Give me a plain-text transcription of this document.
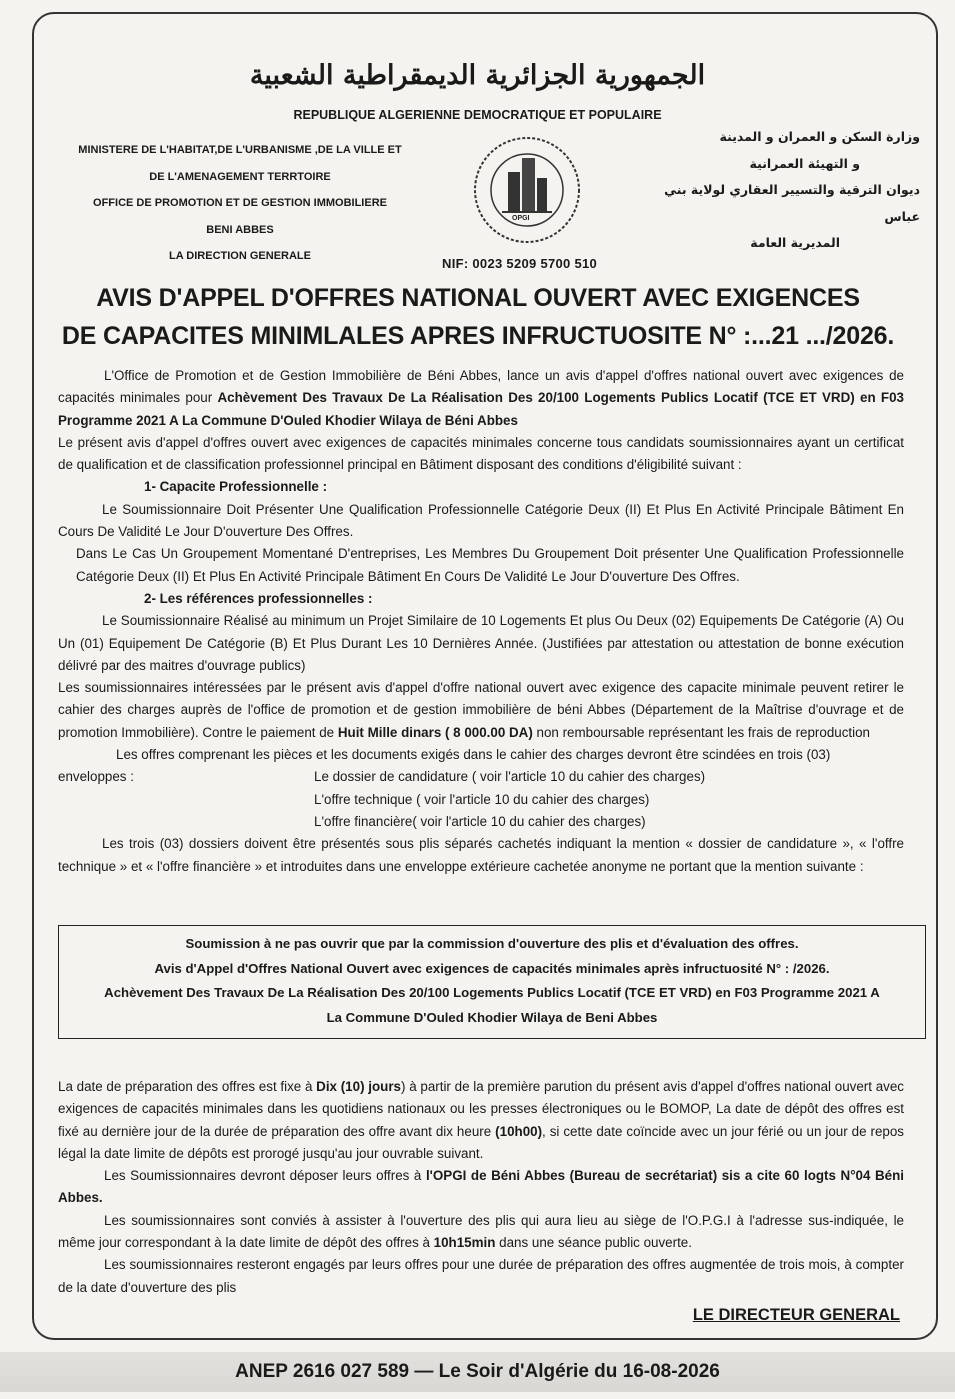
الجمهورية الجزائرية الديمقراطية الشعبية
REPUBLIQUE ALGERIENNE DEMOCRATIQUE ET POPULAIRE
MINISTERE DE L'HABITAT,DE L'URBANISME ,DE LA VILLE ET
DE L'AMENAGEMENT TERRTOIRE
OFFICE DE PROMOTION ET DE GESTION IMMOBILIERE
BENI ABBES
LA DIRECTION GENERALE
وزارة السكن و العمران و المدينة
و التهيئة العمرانية
ديوان الترقية والتسيير العقاري لولاية بني عباس
المديرية العامة
OPGI
NIF: 0023 5209 5700 510
AVIS D'APPEL D'OFFRES NATIONAL OUVERT AVEC EXIGENCES
DE CAPACITES MINIMLALES APRES INFRUCTUOSITE N° :...21 .../2026.

L'Office de Promotion et de Gestion Immobilière de Béni Abbes, lance un avis d'appel d'offres national ouvert avec exigences de capacités minimales pour Achèvement Des Travaux De La Réalisation Des 20/100 Logements Publics Locatif (TCE ET VRD) en F03 Programme 2021 A La Commune D'Ouled Khodier Wilaya de Béni Abbes

Le présent avis d'appel d'offres ouvert avec exigences de capacités minimales concerne tous candidats soumissionnaires ayant un certificat de qualification et de classification professionnel principal en Bâtiment disposant des conditions d'éligibilité suivant :

1- Capacite Professionnelle :

Le Soumissionnaire Doit Présenter Une Qualification Professionnelle Catégorie Deux (II) Et Plus En Activité Principale Bâtiment En Cours De Validité Le Jour D'ouverture Des Offres.

Dans Le Cas Un Groupement Momentané D'entreprises, Les Membres Du Groupement Doit présenter Une Qualification Professionnelle Catégorie Deux (II) Et Plus En Activité Principale Bâtiment En Cours De Validité Le Jour D'ouverture Des Offres.

2- Les références professionnelles :

Le Soumissionnaire Réalisé au minimum un Projet Similaire de 10 Logements Et plus Ou Deux (02) Equipements De Catégorie (A) Ou Un (01) Equipement De Catégorie (B) Et Plus Durant Les 10 Dernières Année. (Justifiées par attestation ou attestation de bonne exécution délivré par des maitres d'ouvrage publics)

Les soumissionnaires intéressées par le présent avis d'appel d'offre national ouvert avec exigence des capacite minimale peuvent retirer le cahier des charges auprès de l'office de promotion et de gestion immobilière de béni Abbes (Département de la Maîtrise d'ouvrage et de promotion Immobilière). Contre le paiement de Huit Mille dinars ( 8 000.00 DA) non remboursable représentant les frais de reproduction

Les offres comprenant les pièces et les documents exigés dans le cahier des charges devront être scindées en trois (03)

enveloppes :	Le dossier de candidature ( voir l'article 10 du cahier des charges)
L'offre technique ( voir l'article 10 du cahier des charges)
L'offre financière( voir l'article 10 du cahier des charges)

Les trois (03) dossiers doivent être présentés sous plis séparés cachetés indiquant la mention « dossier de candidature », « l'offre technique » et « l'offre financière » et introduites dans une enveloppe extérieure cachetée anonyme ne portant que la mention suivante :

Soumission à ne pas ouvrir que par la commission d'ouverture des plis et d'évaluation des offres.
Avis d'Appel d'Offres National Ouvert avec exigences de capacités minimales après infructuosité N° : /2026.
Achèvement Des Travaux De La Réalisation Des 20/100 Logements Publics Locatif (TCE ET VRD) en F03 Programme 2021 A
La Commune D'Ouled Khodier Wilaya de Beni Abbes

La date de préparation des offres est fixe à Dix (10) jours) à partir de la première parution du présent avis d'appel d'offres national ouvert avec exigences de capacités minimales dans les quotidiens nationaux ou les presses électroniques ou le BOMOP, La date de dépôt des offres est fixé au dernière jour de la durée de préparation des offre avant dix heure (10h00), si cette date coïncide avec un jour férié ou un jour de repos légal la date limite de dépôts est prorogé jusqu'au jour ouvrable suivant.

Les Soumissionnaires devront déposer leurs offres à l'OPGI de Béni Abbes (Bureau de secrétariat) sis a cite 60 logts N°04 Béni Abbes.

Les soumissionnaires sont conviés à assister à l'ouverture des plis qui aura lieu au siège de l'O.P.G.I à l'adresse sus-indiquée, le même jour correspondant à la date limite de dépôt des offres à 10h15min dans une séance public ouverte.

Les soumissionnaires resteront engagés par leurs offres pour une durée de préparation des offres augmentée de trois mois, à compter de la date d'ouverture des plis

LE DIRECTEUR GENERAL
ANEP 2616 027 589 — Le Soir d'Algérie du 16-08-2026
